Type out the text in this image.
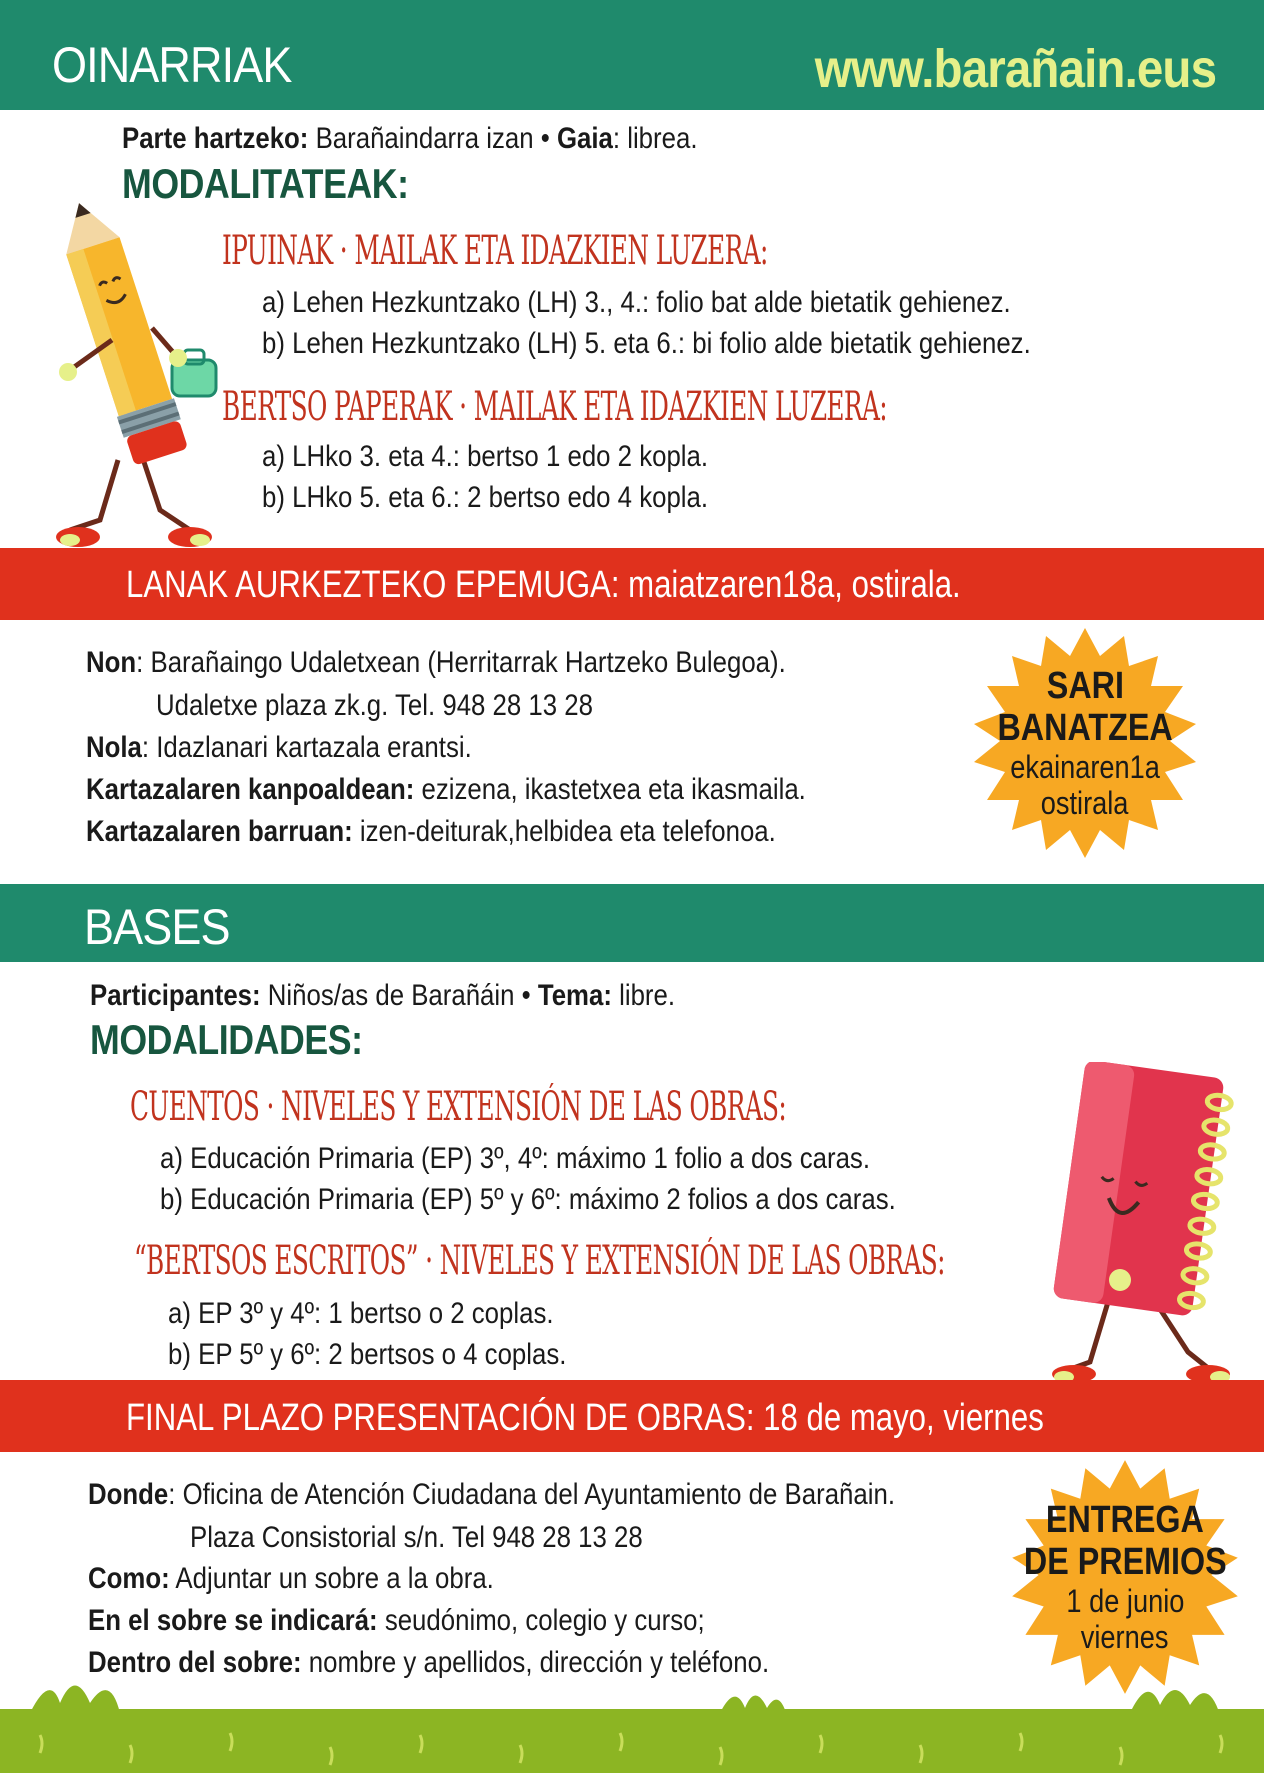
OINARRIAK	www.barañain.eus
Parte hartzeko: Barañaindarra izan • Gaia: librea.
MODALITATEAK:
IPUINAK · MAILAK ETA IDAZKIEN LUZERA:
a) Lehen Hezkuntzako (LH) 3., 4.: folio bat alde bietatik gehienez.
b) Lehen Hezkuntzako (LH) 5. eta 6.: bi folio alde bietatik gehienez.
BERTSO PAPERAK · MAILAK ETA IDAZKIEN LUZERA:
a) LHko 3. eta 4.: bertso 1 edo 2 kopla.
b) LHko 5. eta 6.: 2 bertso edo 4 kopla.
LANAK AURKEZTEKO EPEMUGA: maiatzaren18a, ostirala.
Non: Barañaingo Udaletxean (Herritarrak Hartzeko Bulegoa).
Udaletxe plaza zk.g. Tel. 948 28 13 28
Nola: Idazlanari kartazala erantsi.
Kartazalaren kanpoaldean: ezizena, ikastetxea eta ikasmaila.
Kartazalaren barruan: izen-deiturak,helbidea eta telefonoa.
SARI
BANATZEA
ekainaren1a
ostirala
BASES
Participantes: Niños/as de Barañáin • Tema: libre.
MODALIDADES:
CUENTOS · NIVELES Y EXTENSIÓN DE LAS OBRAS:
a) Educación Primaria (EP) 3º, 4º: máximo 1 folio a dos caras.
b) Educación Primaria (EP) 5º y 6º: máximo 2 folios a dos caras.
“BERTSOS ESCRITOS” · NIVELES Y EXTENSIÓN DE LAS OBRAS:
a) EP 3º y 4º: 1 bertso o 2 coplas.
b) EP 5º y 6º: 2 bertsos o 4 coplas.
FINAL PLAZO PRESENTACIÓN DE OBRAS: 18 de mayo, viernes
Donde: Oficina de Atención Ciudadana del Ayuntamiento de Barañain.
Plaza Consistorial s/n. Tel 948 28 13 28
Como: Adjuntar un sobre a la obra.
En el sobre se indicará: seudónimo, colegio y curso;
Dentro del sobre: nombre y apellidos, dirección y teléfono.
ENTREGA
DE PREMIOS
1 de junio
viernes
